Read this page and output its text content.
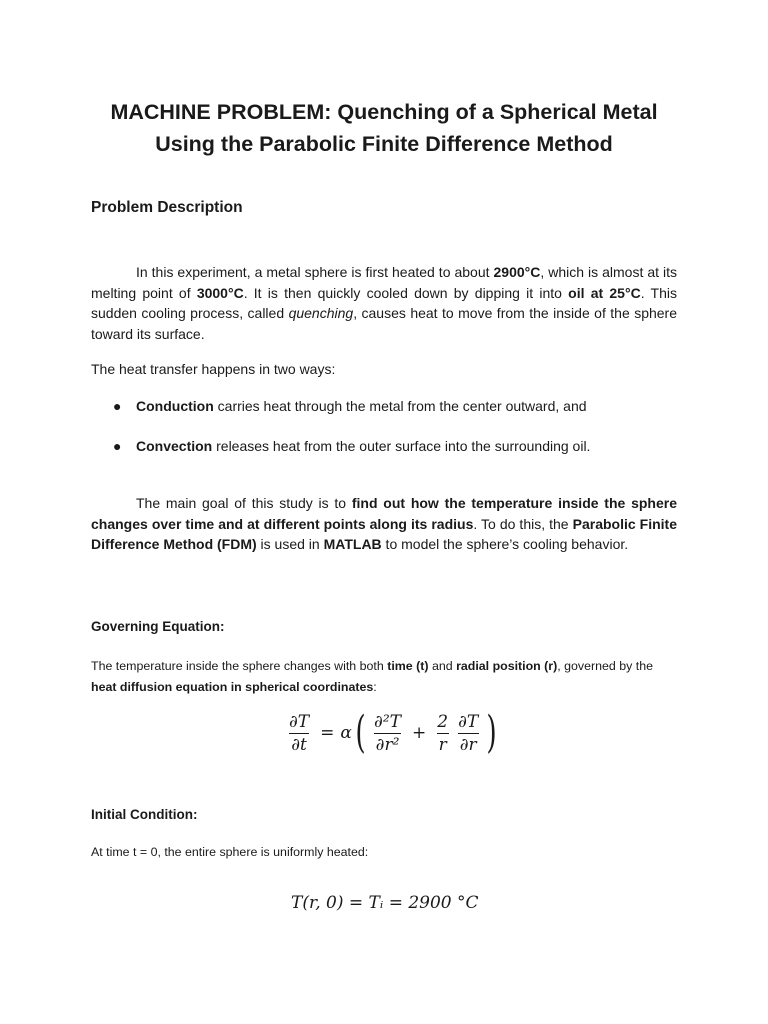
MACHINE PROBLEM: Quenching of a Spherical Metal
Using the Parabolic Finite Difference Method
Problem Description

In this experiment, a metal sphere is first heated to about 2900°C, which is almost at its melting point of 3000°C. It is then quickly cooled down by dipping it into oil at 25°C. This sudden cooling process, called quenching, causes heat to move from the inside of the sphere toward its surface.

The heat transfer happens in two ways:

● Conduction carries heat through the metal from the center outward, and
● Convection releases heat from the outer surface into the surrounding oil.

The main goal of this study is to find out how the temperature inside the sphere changes over time and at different points along its radius. To do this, the Parabolic Finite Difference Method (FDM) is used in MATLAB to model the sphere’s cooling behavior.

Governing Equation:

The temperature inside the sphere changes with both time (t) and radial position (r), governed by the heat diffusion equation in spherical coordinates:

$\frac{\partial T}{\partial t} = \alpha$ ( $\frac{\text{∂²T}}{\text{∂r²}} + \frac{2}{r} \frac{\partial T}{\partial r}$ )
Initial Condition:

At time t = 0, the entire sphere is uniformly heated:

T(r, 0) = Tᵢ = 2900 °C
